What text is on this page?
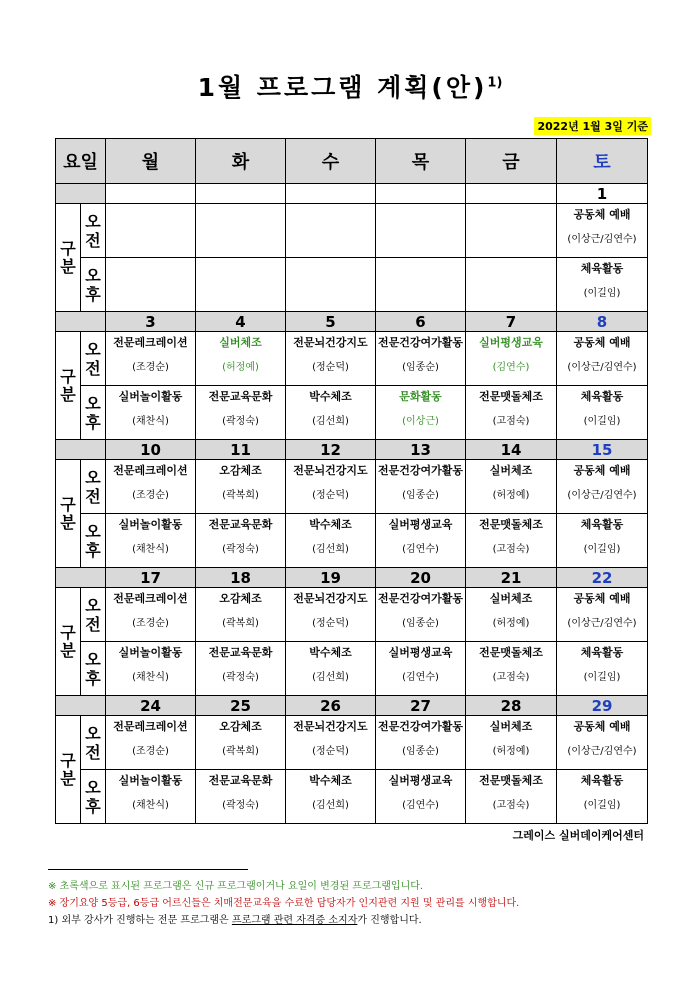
1월 프로그램 계획(안)$^{1)}$
2022년 1월 3일 기준
요일		월	화	수	목	금	토
							1
구분	오전						공동체 예배
(이상근/김연수)

	오후						체육활동
(이길임)

		3	4	5	6	7	8
구분	오전	전문레크레이션
(조경순)	실버체조
(허정예)	전문뇌건강지도
(정순덕)	전문건강여가활동
(임종순)	실버평생교육
(김연수)	공동체 예배
(이상근/김연수)

	오후	실버놀이활동
(채찬식)	전문교육문화
(곽정숙)	박수체조
(김선희)	문화활동
(이상근)	전문맷돌체조
(고점숙)	체육활동
(이길임)

		10	11	12	13	14	15
구분	오전	전문레크레이션
(조경순)	오감체조
(곽복희)	전문뇌건강지도
(정순덕)	전문건강여가활동
(임종순)	실버체조
(허정예)	공동체 예배
(이상근/김연수)

	오후	실버놀이활동
(채찬식)	전문교육문화
(곽정숙)	박수체조
(김선희)	실버평생교육
(김연수)	전문맷돌체조
(고점숙)	체육활동
(이길임)

		17	18	19	20	21	22
구분	오전	전문레크레이션
(조경순)	오감체조
(곽복희)	전문뇌건강지도
(정순덕)	전문건강여가활동
(임종순)	실버체조
(허정예)	공동체 예배
(이상근/김연수)

	오후	실버놀이활동
(채찬식)	전문교육문화
(곽정숙)	박수체조
(김선희)	실버평생교육
(김연수)	전문맷돌체조
(고점숙)	체육활동
(이길임)

		24	25	26	27	28	29
구분	오전	전문레크레이션
(조경순)	오감체조
(곽복희)	전문뇌건강지도
(정순덕)	전문건강여가활동
(임종순)	실버체조
(허정예)	공동체 예배
(이상근/김연수)

	오후	실버놀이활동
(채찬식)	전문교육문화
(곽정숙)	박수체조
(김선희)	실버평생교육
(김연수)	전문맷돌체조
(고점숙)	체육활동
(이길임)
그레이스 실버데이케어센터
※ 초록색으로 표시된 프로그램은 신규 프로그램이거나 요일이 변경된 프로그램입니다.
※ 장기요양 5등급, 6등급 어르신들은 치매전문교육을 수료한 담당자가 인지관련 지원 및 관리를 시행합니다.
1) 외부 강사가 진행하는 전문 프로그램은 프로그램 관련 자격증 소지자가 진행합니다.
